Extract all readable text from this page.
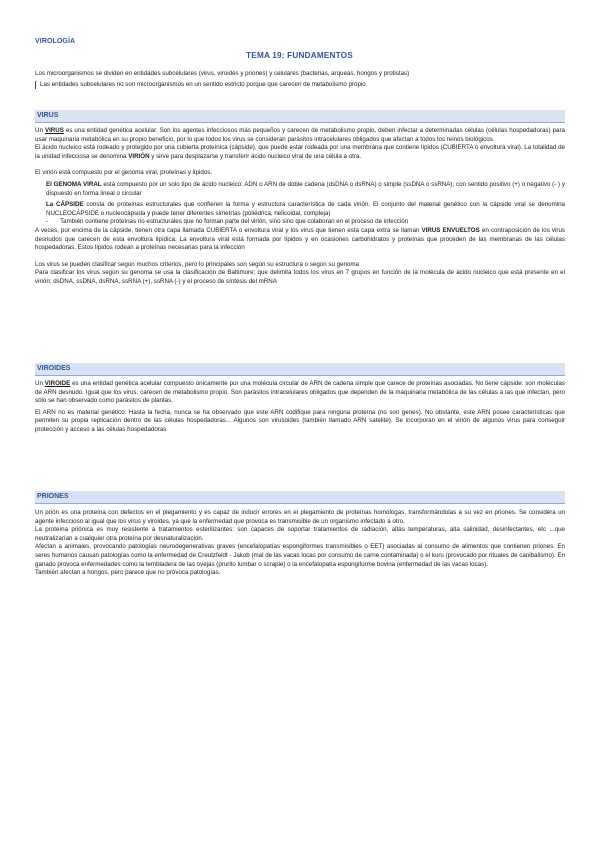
VIROLOGÍA
TEMA 19: FUNDAMENTOS

Los microorganismos se dividen en entidades subcelulares (virus, viroides y priones) y celulares (bacterias, arqueas, hongos y protistas)

Las entidades subcelulares no son microorganismos en un sentido estricto porque que carecen de metabolismo propio

VIRUS

Un VIRUS es una entidad genética acelular. Son los agentes infecciosos más pequeños y carecen de metabolismo propio, deben infectar a determinadas células (células hospedadoras) para usar maquinaria metabólica en su propio beneficio, por lo que todos los virus se consideran parásitos intracelulares obligados que afectan a todos los reinos biológicos

El ácido nucleico está rodeado y protegido por una cubierta proteínica (cápside), que puede estar rodeada por una membrana que contiene lípidos (CUBIERTA o envoltura viral). La totalidad de la unidad infecciosa se denomina VIRIÓN y sirve para desplazarse y transferir ácido nucleico viral de una célula a otra.

El virión está compuesto por el genoma viral, proteínas y lípidos.

El GENOMA VIRAL está compuesto por un solo tipo de ácido nucleico: ADN o ARN de doble cadena (dsDNA o dsRNA) o simple (ssDNA o ssRNA), con sentido positivo (+) o negativo (- ) y dispuesto en forma lineal o circular

La CÁPSIDE consta de proteínas estructurales que confieren la forma y estructura característica de cada virión. El conjunto del material genético con la cápside viral se denomina NUCLEOCÁPSIDE o nucleocápsida y puede tener diferentes simetrías (poliédrica, helicoidal, compleja)

- También contiene proteínas no estructurales que no forman parte del virión, sino sino que colaboran en el proceso de infección

A veces, por encima de la cápside, tienen otra capa llamada CUBIERTA o envoltura viral y los virus que tienen esta capa extra se llaman VIRUS ENVUELTOS en contraposición de los virus desnudos que carecen de esta envoltura lipídica. La envoltura viral está formada por lípidos y en ocasiones carbohidratos y proteínas que proceden de las membranas de las células hospedadoras. Estos lípidos rodean a proteínas necesarias para la infección

Los virus se pueden clasificar según muchos criterios, pero lo principales son según su estructura o según su genoma

Para clasificar los virus según su genoma se usa la clasificación de Baltimore; que delimita todos los virus en 7 grupos en función de la molécula de ácido nucleico que está presente en el virión: dsDNA, ssDNA, dsRNA, ssRNA (+), ssRNA (-) y el proceso de síntesis del mRNA

VIROIDES

Un VIROIDE es una entidad genética acelular compuesto únicamente por una molécula circular de ARN de cadena simple que carece de proteínas asociadas. No tiene cápside: son moléculas de ARN desnudo. Igual que los virus, carecen de metabolismo propio. Son parásitos intracelulares obligados que dependen de la maquinaria metabólica de las células a las que infectan, pero sólo se han observado como parásitos de plantas.

El ARN no es material genético: Hasta la fecha, nunca se ha observado que este ARN codifique para ninguna proteína (no son genes). No obstante, este ARN posee características que permiten su propia replicación dentro de las células hospedadoras... Algunos son virusoides (también llamado ARN satélite). Se incorporan en el virión de algunos virus para conseguir protección y acceso a las células hospedadoras

PRIONES

Un prión es una proteína con defectos en el plegamiento y es capaz de inducir errores en el plegamiento de proteínas homólogas, transformándolas a su vez en priones. Se considera un agente infeccioso al igual que los virus y viroides, ya que la enfermedad que provoca es transmisible de un organismo infectado a otro.

La proteína priónica es muy resistente a tratamientos esterilizantes: son capaces de soportar tratamientos de radiación, altas temperaturas, alta salinidad, desinfectantes, etc ...que neutralizarían a cualquier otra proteína por desnaturalización.

Afectan a animales, provocando patologías neurodegenerativas graves (encefalopatías espongiformes transmisibles o EET) asociadas al consumo de alimentos que contienen priones. En seres humanos causan patologías como la enfermedad de Creutzfeldt - Jakob (mal de las vacas locas por consumo de carne contaminada) o el kuru (provocado por rituales de canibalismo). En ganado provoca enfermedades como la tembladera de las ovejas (prurito lumbar o scrapie) o la encefalopatía espongiforme bovina (enfermedad de las vacas locas).

También afectan a hongos, pero parece que no provoca patologías.
